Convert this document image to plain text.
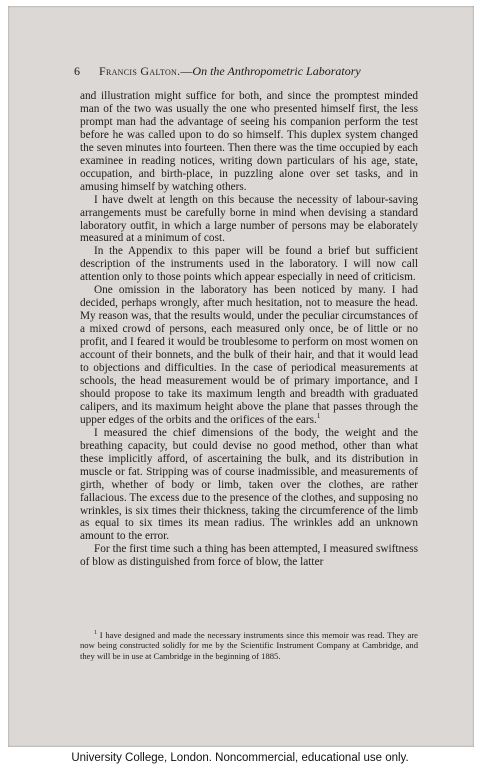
6 Francis Galton.—On the Anthropometric Laboratory

and illustration might suffice for both, and since the promptest minded man of the two was usually the one who presented himself first, the less prompt man had the advantage of seeing his companion perform the test before he was called upon to do so himself. This duplex system changed the seven minutes into fourteen. Then there was the time occupied by each examinee in reading notices, writing down particulars of his age, state, occupation, and birth-place, in puzzling alone over set tasks, and in amusing himself by watching others.

I have dwelt at length on this because the necessity of labour-saving arrangements must be carefully borne in mind when devising a standard laboratory outfit, in which a large number of persons may be elaborately measured at a minimum of cost.

In the Appendix to this paper will be found a brief but sufficient description of the instruments used in the laboratory. I will now call attention only to those points which appear especially in need of criticism.

One omission in the laboratory has been noticed by many. I had decided, perhaps wrongly, after much hesitation, not to measure the head. My reason was, that the results would, under the peculiar circumstances of a mixed crowd of persons, each measured only once, be of little or no profit, and I feared it would be troublesome to perform on most women on account of their bonnets, and the bulk of their hair, and that it would lead to objections and difficulties. In the case of periodical measurements at schools, the head measurement would be of primary importance, and I should propose to take its maximum length and breadth with graduated calipers, and its maximum height above the plane that passes through the upper edges of the orbits and the orifices of the ears.$^1$

I measured the chief dimensions of the body, the weight and the breathing capacity, but could devise no good method, other than what these implicitly afford, of ascertaining the bulk, and its distribution in muscle or fat. Stripping was of course inadmissible, and measurements of girth, whether of body or limb, taken over the clothes, are rather fallacious. The excess due to the presence of the clothes, and supposing no wrinkles, is six times their thickness, taking the circumference of the limb as equal to six times its mean radius. The wrinkles add an unknown amount to the error.

For the first time such a thing has been attempted, I measured swiftness of blow as distinguished from force of blow, the latter

$^1$ I have designed and made the necessary instruments since this memoir was read. They are now being constructed solidly for me by the Scientific Instrument Company at Cambridge, and they will be in use at Cambridge in the beginning of 1885.
University College, London. Noncommercial, educational use only.
